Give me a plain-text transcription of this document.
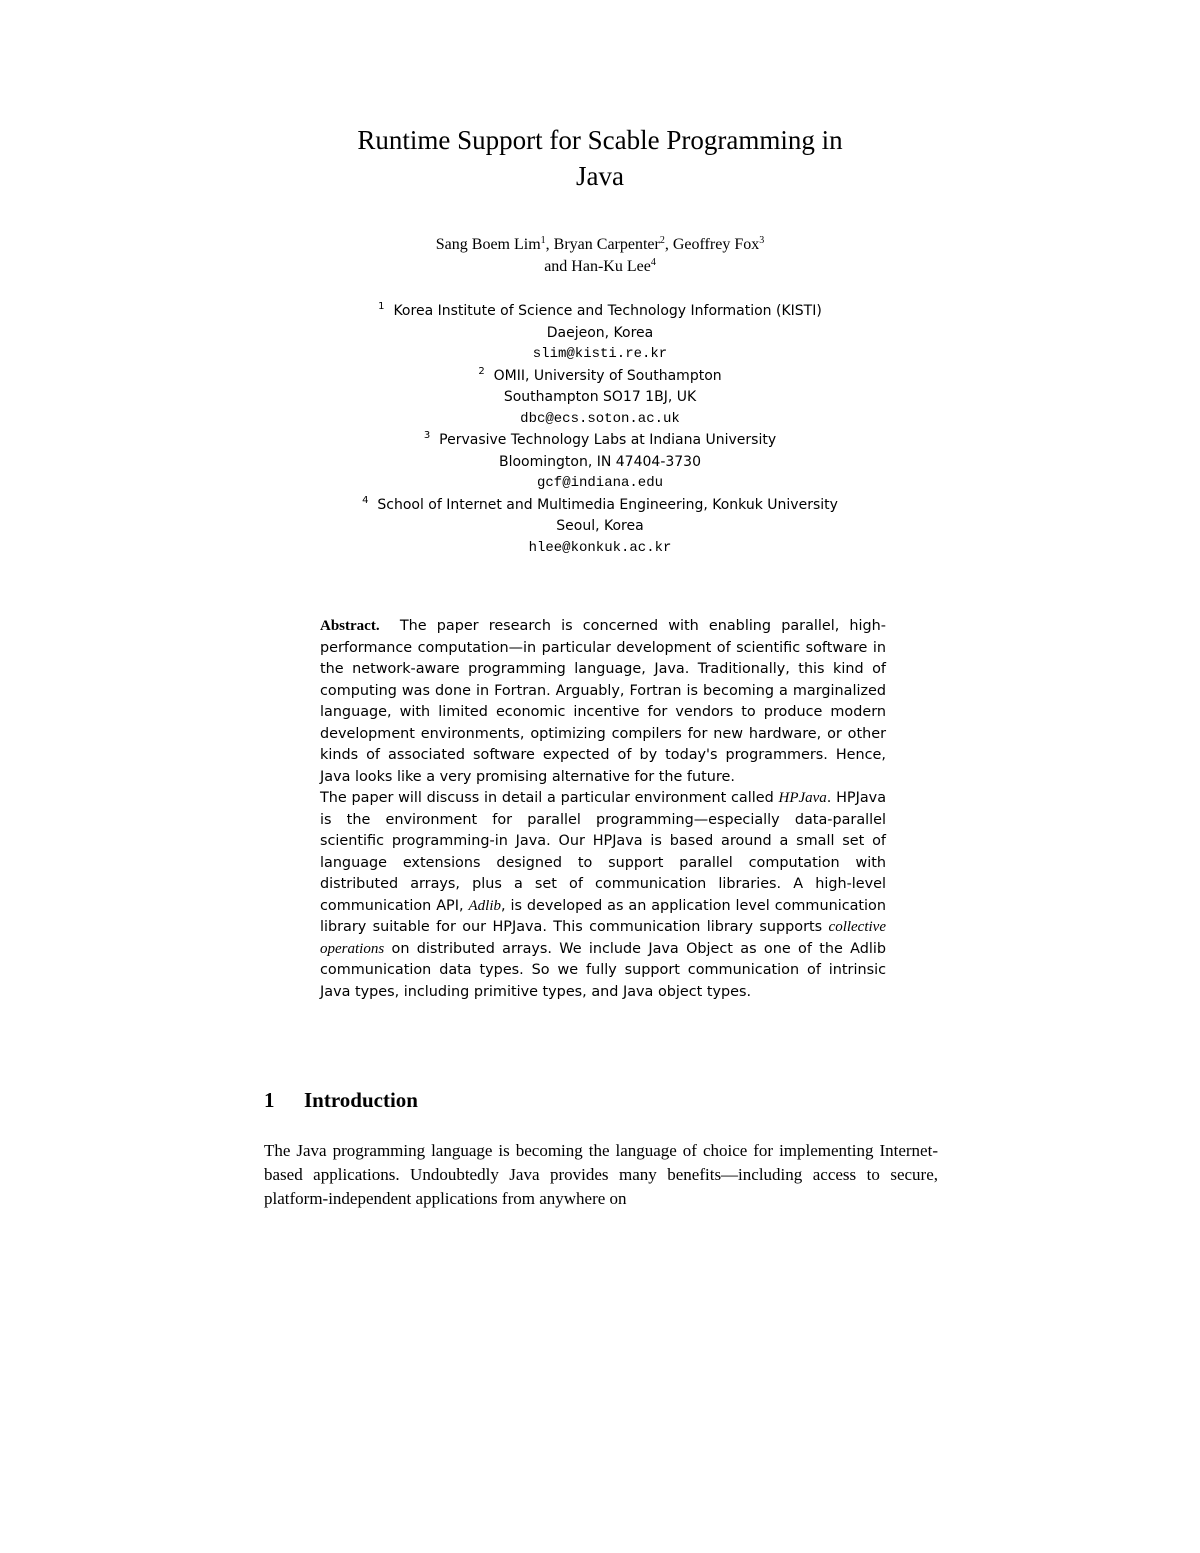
Runtime Support for Scable Programming in
Java
Sang Boem Lim$^1$, Bryan Carpenter$^2$, Geoffrey Fox$^3$
and Han-Ku Lee$^4$
$^1$ Korea Institute of Science and Technology Information (KISTI)
Daejeon, Korea
slim@kisti.re.kr
$^2$ OMII, University of Southampton
Southampton SO17 1BJ, UK
dbc@ecs.soton.ac.uk
$^3$ Pervasive Technology Labs at Indiana University
Bloomington, IN 47404-3730
gcf@indiana.edu
$^4$ School of Internet and Multimedia Engineering, Konkuk University
Seoul, Korea
hlee@konkuk.ac.kr

Abstract. The paper research is concerned with enabling parallel, high-performance computation—in particular development of scientific software in the network-aware programming language, Java. Traditionally, this kind of computing was done in Fortran. Arguably, Fortran is becoming a marginalized language, with limited economic incentive for vendors to produce modern development environments, optimizing compilers for new hardware, or other kinds of associated software expected of by today's programmers. Hence, Java looks like a very promising alternative for the future.

The paper will discuss in detail a particular environment called HPJava. HPJava is the environment for parallel programming—especially data-parallel scientific programming-in Java. Our HPJava is based around a small set of language extensions designed to support parallel computation with distributed arrays, plus a set of communication libraries. A high-level communication API, Adlib, is developed as an application level communication library suitable for our HPJava. This communication library supports collective operations on distributed arrays. We include Java Object as one of the Adlib communication data types. So we fully support communication of intrinsic Java types, including primitive types, and Java object types.

1 Introduction

The Java programming language is becoming the language of choice for implementing Internet-based applications. Undoubtedly Java provides many benefits—including access to secure, platform-independent applications from anywhere on
